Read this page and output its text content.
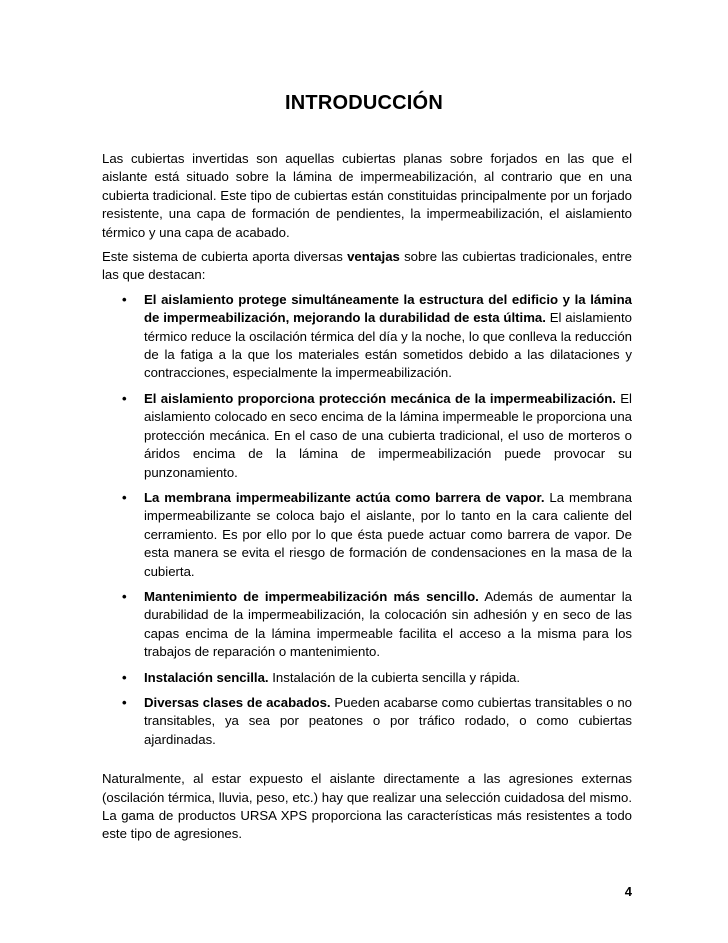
INTRODUCCIÓN

Las cubiertas invertidas son aquellas cubiertas planas sobre forjados en las que el aislante está situado sobre la lámina de impermeabilización, al contrario que en una cubierta tradicional. Este tipo de cubiertas están constituidas principalmente por un forjado resistente, una capa de formación de pendientes, la impermeabilización, el aislamiento térmico y una capa de acabado.

Este sistema de cubierta aporta diversas ventajas sobre las cubiertas tradicionales, entre las que destacan:

• El aislamiento protege simultáneamente la estructura del edificio y la lámina de impermeabilización, mejorando la durabilidad de esta última. El aislamiento térmico reduce la oscilación térmica del día y la noche, lo que conlleva la reducción de la fatiga a la que los materiales están sometidos debido a las dilataciones y contracciones, especialmente la impermeabilización.
• El aislamiento proporciona protección mecánica de la impermeabilización. El aislamiento colocado en seco encima de la lámina impermeable le proporciona una protección mecánica. En el caso de una cubierta tradicional, el uso de morteros o áridos encima de la lámina de impermeabilización puede provocar su punzonamiento.
• La membrana impermeabilizante actúa como barrera de vapor. La membrana impermeabilizante se coloca bajo el aislante, por lo tanto en la cara caliente del cerramiento. Es por ello por lo que ésta puede actuar como barrera de vapor. De esta manera se evita el riesgo de formación de condensaciones en la masa de la cubierta.
• Mantenimiento de impermeabilización más sencillo. Además de aumentar la durabilidad de la impermeabilización, la colocación sin adhesión y en seco de las capas encima de la lámina impermeable facilita el acceso a la misma para los trabajos de reparación o mantenimiento.
• Instalación sencilla. Instalación de la cubierta sencilla y rápida.
• Diversas clases de acabados. Pueden acabarse como cubiertas transitables o no transitables, ya sea por peatones o por tráfico rodado, o como cubiertas ajardinadas.

Naturalmente, al estar expuesto el aislante directamente a las agresiones externas (oscilación térmica, lluvia, peso, etc.) hay que realizar una selección cuidadosa del mismo. La gama de productos URSA XPS proporciona las características más resistentes a todo este tipo de agresiones.

4
